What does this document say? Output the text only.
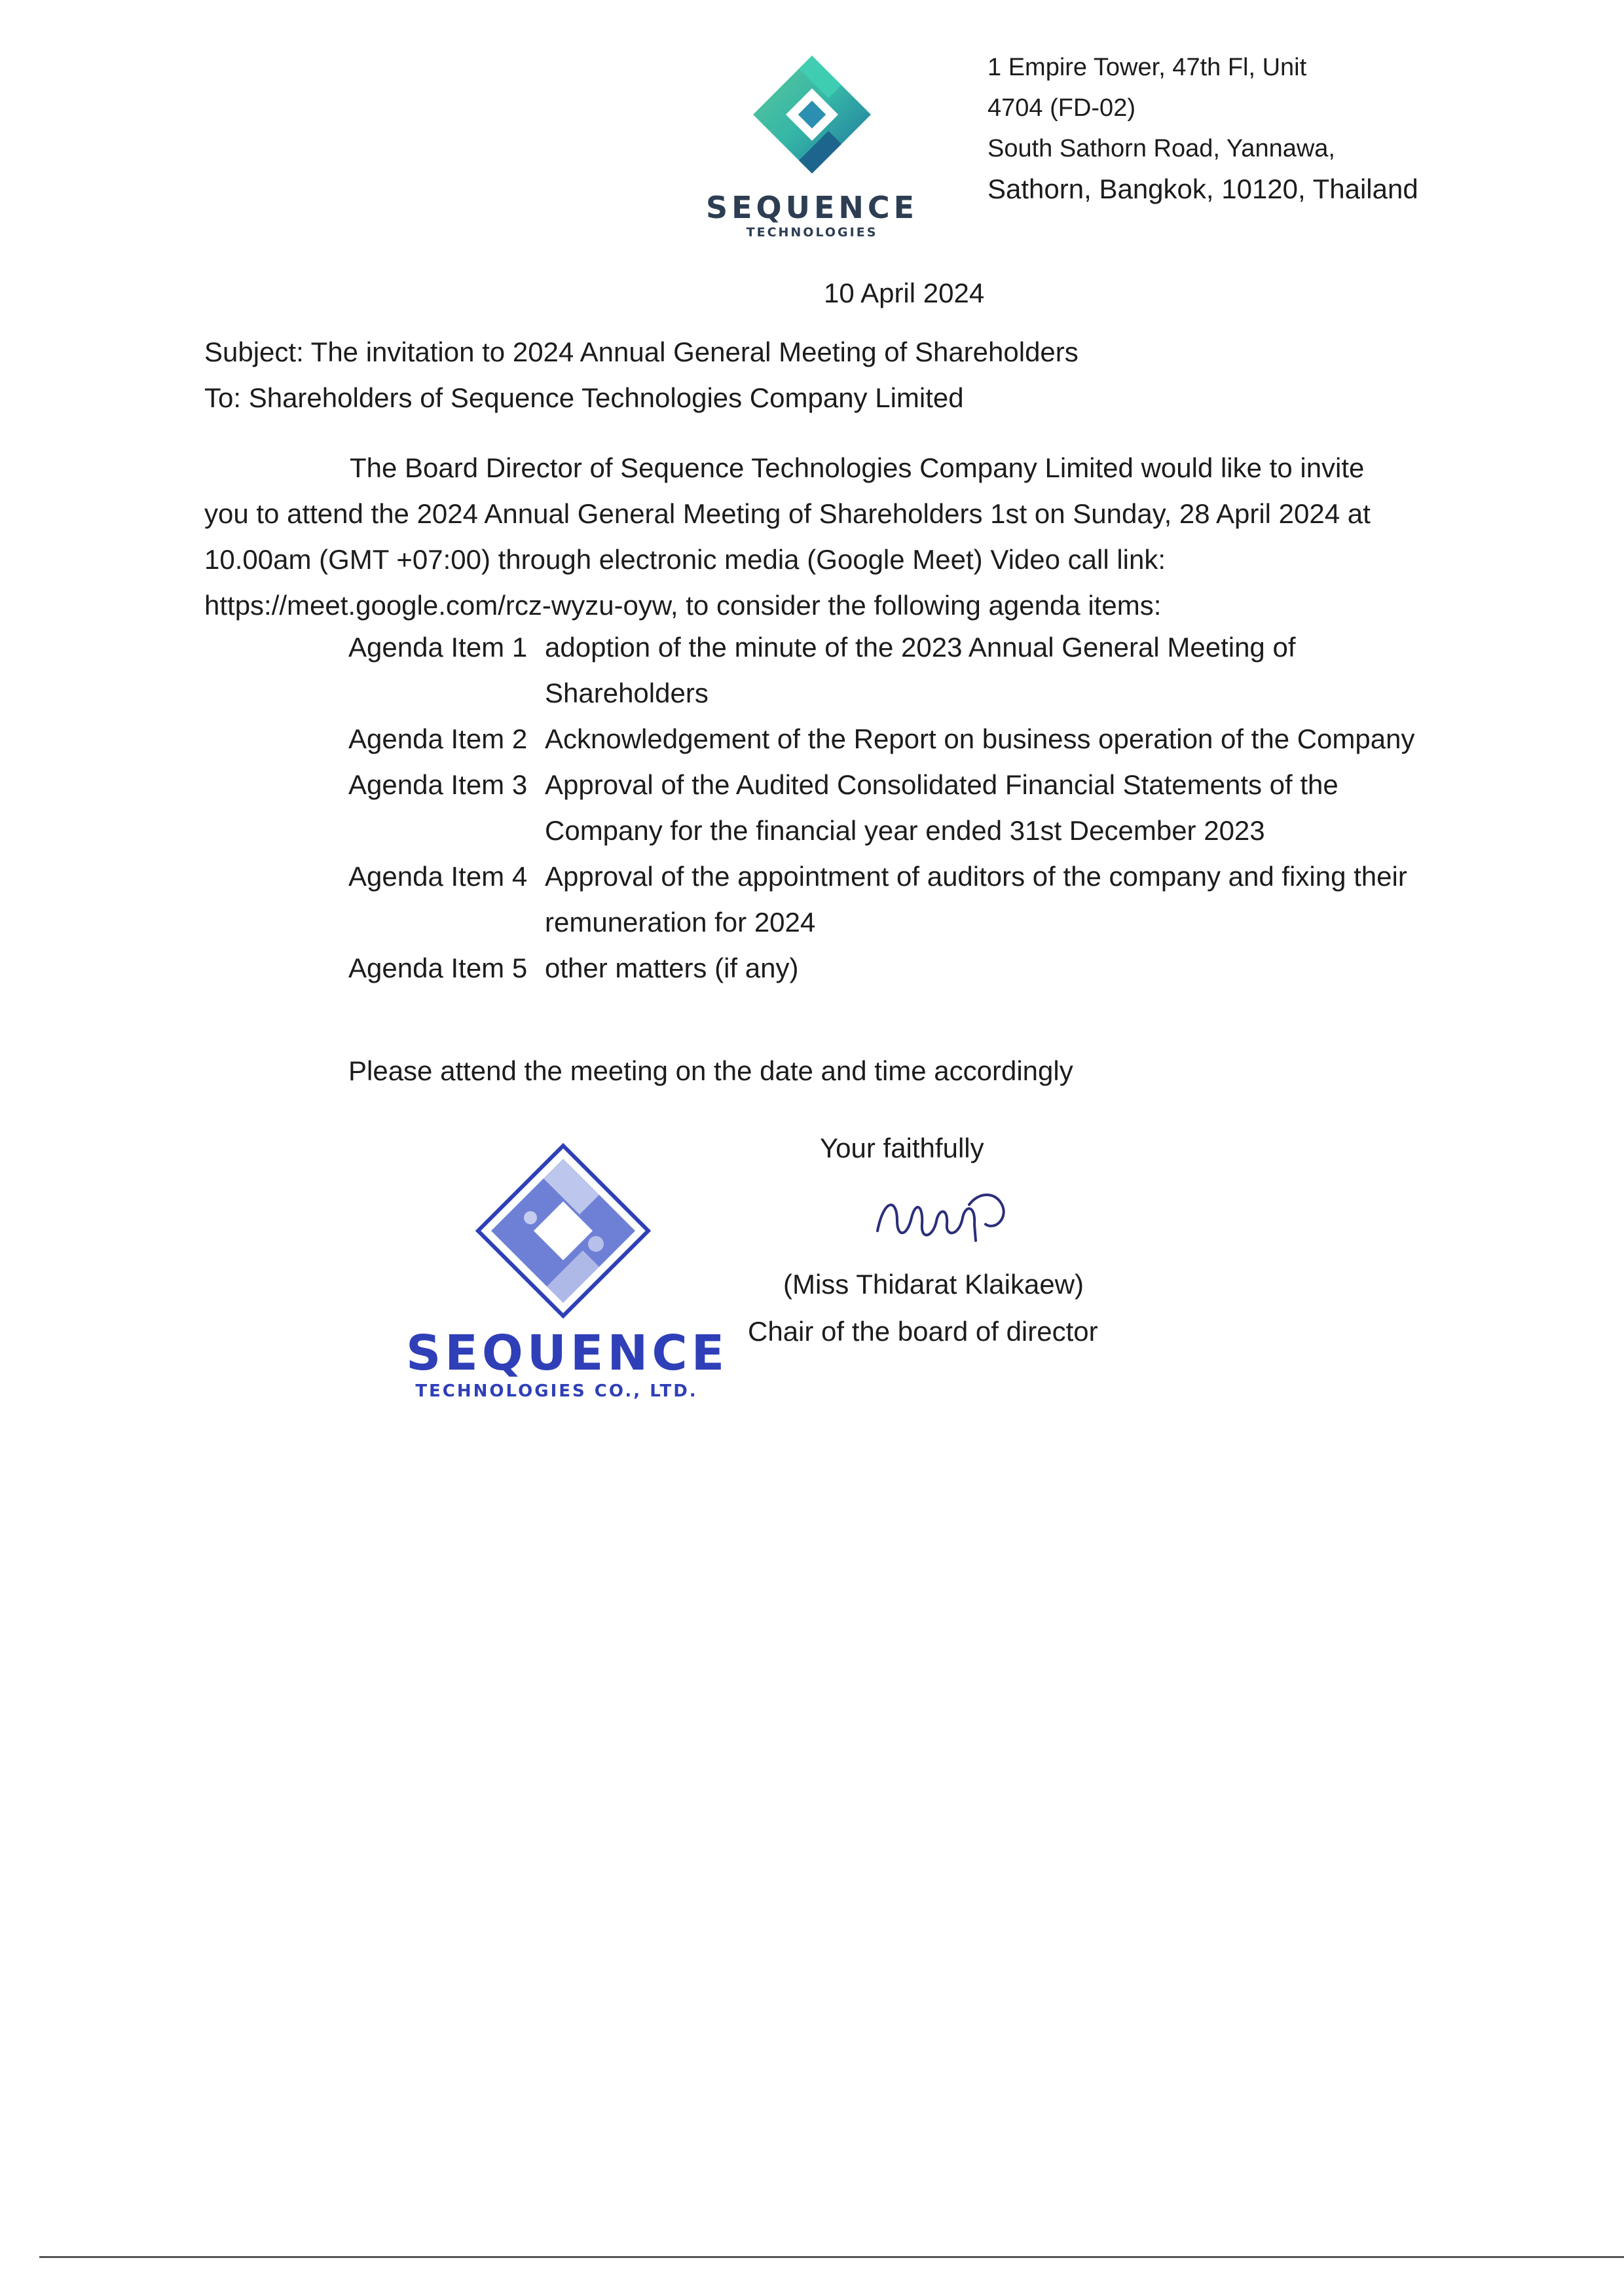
SEQUENCE
TECHNOLOGIES
1 Empire Tower, 47th Fl, Unit
4704 (FD-02)
South Sathorn Road, Yannawa,
Sathorn, Bangkok, 10120, Thailand
10 April 2024
Subject: The invitation to 2024 Annual General Meeting of Shareholders
To: Shareholders of Sequence Technologies Company Limited
The Board Director of Sequence Technologies Company Limited would like to invite
you to attend the 2024 Annual General Meeting of Shareholders 1st on Sunday, 28 April 2024 at
10.00am (GMT +07:00) through electronic media (Google Meet) Video call link:
https://meet.google.com/rcz-wyzu-oyw, to consider the following agenda items:
Agenda Item 1 adoption of the minute of the 2023 Annual General Meeting of Shareholders
Agenda Item 2 Acknowledgement of the Report on business operation of the Company
Agenda Item 3 Approval of the Audited Consolidated Financial Statements of the Company for the financial year ended 31st December 2023
Agenda Item 4 Approval of the appointment of auditors of the company and fixing their remuneration for 2024
Agenda Item 5 other matters (if any)
Please attend the meeting on the date and time accordingly
SEQUENCE
TECHNOLOGIES CO., LTD.
Your faithfully
(Miss Thidarat Klaikaew)
Chair of the board of director
